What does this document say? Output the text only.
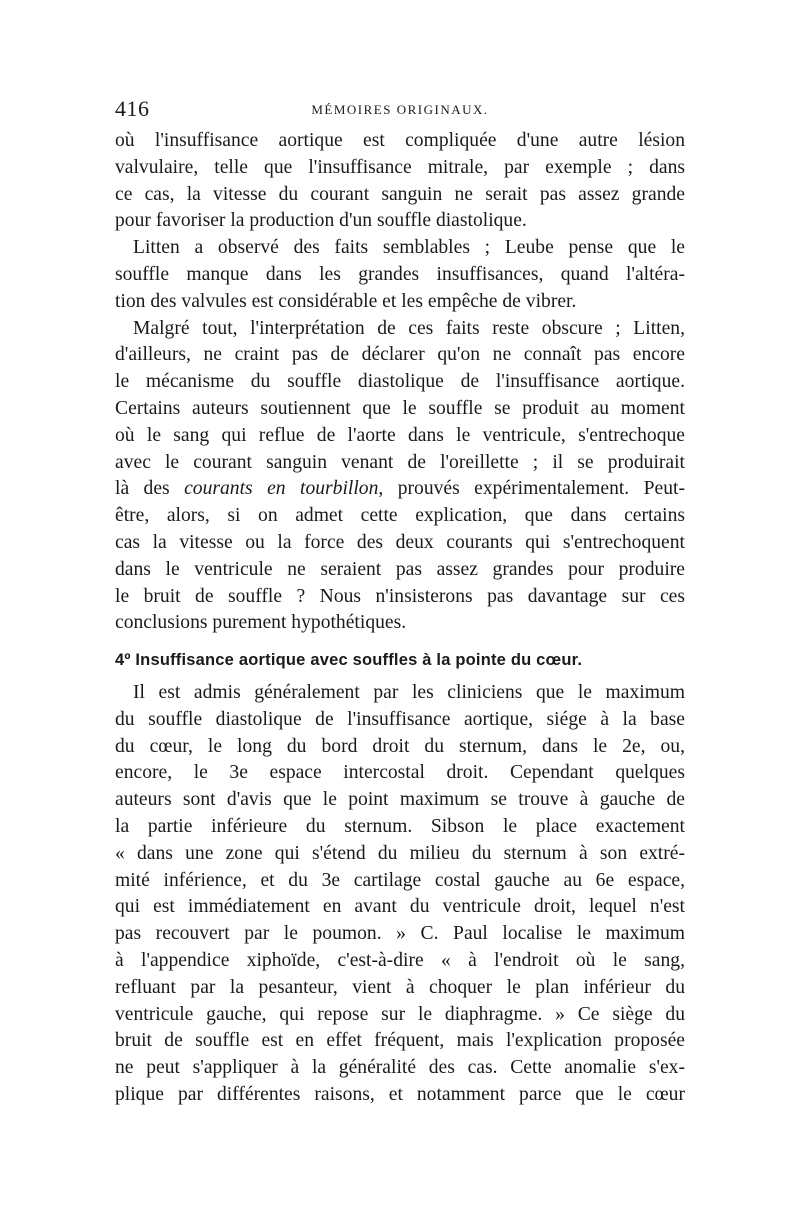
416	MÉMOIRES ORIGINAUX.
où l'insuffisance aortique est compliquée d'une autre lésion
valvulaire, telle que l'insuffisance mitrale, par exemple ; dans
ce cas, la vitesse du courant sanguin ne serait pas assez grande
pour favoriser la production d'un souffle diastolique.
Litten a observé des faits semblables ; Leube pense que le
souffle manque dans les grandes insuffisances, quand l'altéra-
tion des valvules est considérable et les empêche de vibrer.
Malgré tout, l'interprétation de ces faits reste obscure ; Litten,
d'ailleurs, ne craint pas de déclarer qu'on ne connaît pas encore
le mécanisme du souffle diastolique de l'insuffisance aortique.
Certains auteurs soutiennent que le souffle se produit au moment
où le sang qui reflue de l'aorte dans le ventricule, s'entrechoque
avec le courant sanguin venant de l'oreillette ; il se produirait
là des courants en tourbillon, prouvés expérimentalement. Peut-
être, alors, si on admet cette explication, que dans certains
cas la vitesse ou la force des deux courants qui s'entrechoquent
dans le ventricule ne seraient pas assez grandes pour produire
le bruit de souffle ? Nous n'insisterons pas davantage sur ces
conclusions purement hypothétiques.
4º Insuffisance aortique avec souffles à la pointe du cœur.
Il est admis généralement par les cliniciens que le maximum
du souffle diastolique de l'insuffisance aortique, siége à la base
du cœur, le long du bord droit du sternum, dans le 2e, ou,
encore, le 3e espace intercostal droit. Cependant quelques
auteurs sont d'avis que le point maximum se trouve à gauche de
la partie inférieure du sternum. Sibson le place exactement
« dans une zone qui s'étend du milieu du sternum à son extré-
mité inférience, et du 3e cartilage costal gauche au 6e espace,
qui est immédiatement en avant du ventricule droit, lequel n'est
pas recouvert par le poumon. » C. Paul localise le maximum
à l'appendice xiphoïde, c'est-à-dire « à l'endroit où le sang,
refluant par la pesanteur, vient à choquer le plan inférieur du
ventricule gauche, qui repose sur le diaphragme. » Ce siège du
bruit de souffle est en effet fréquent, mais l'explication proposée
ne peut s'appliquer à la généralité des cas. Cette anomalie s'ex-
plique par différentes raisons, et notamment parce que le cœur
